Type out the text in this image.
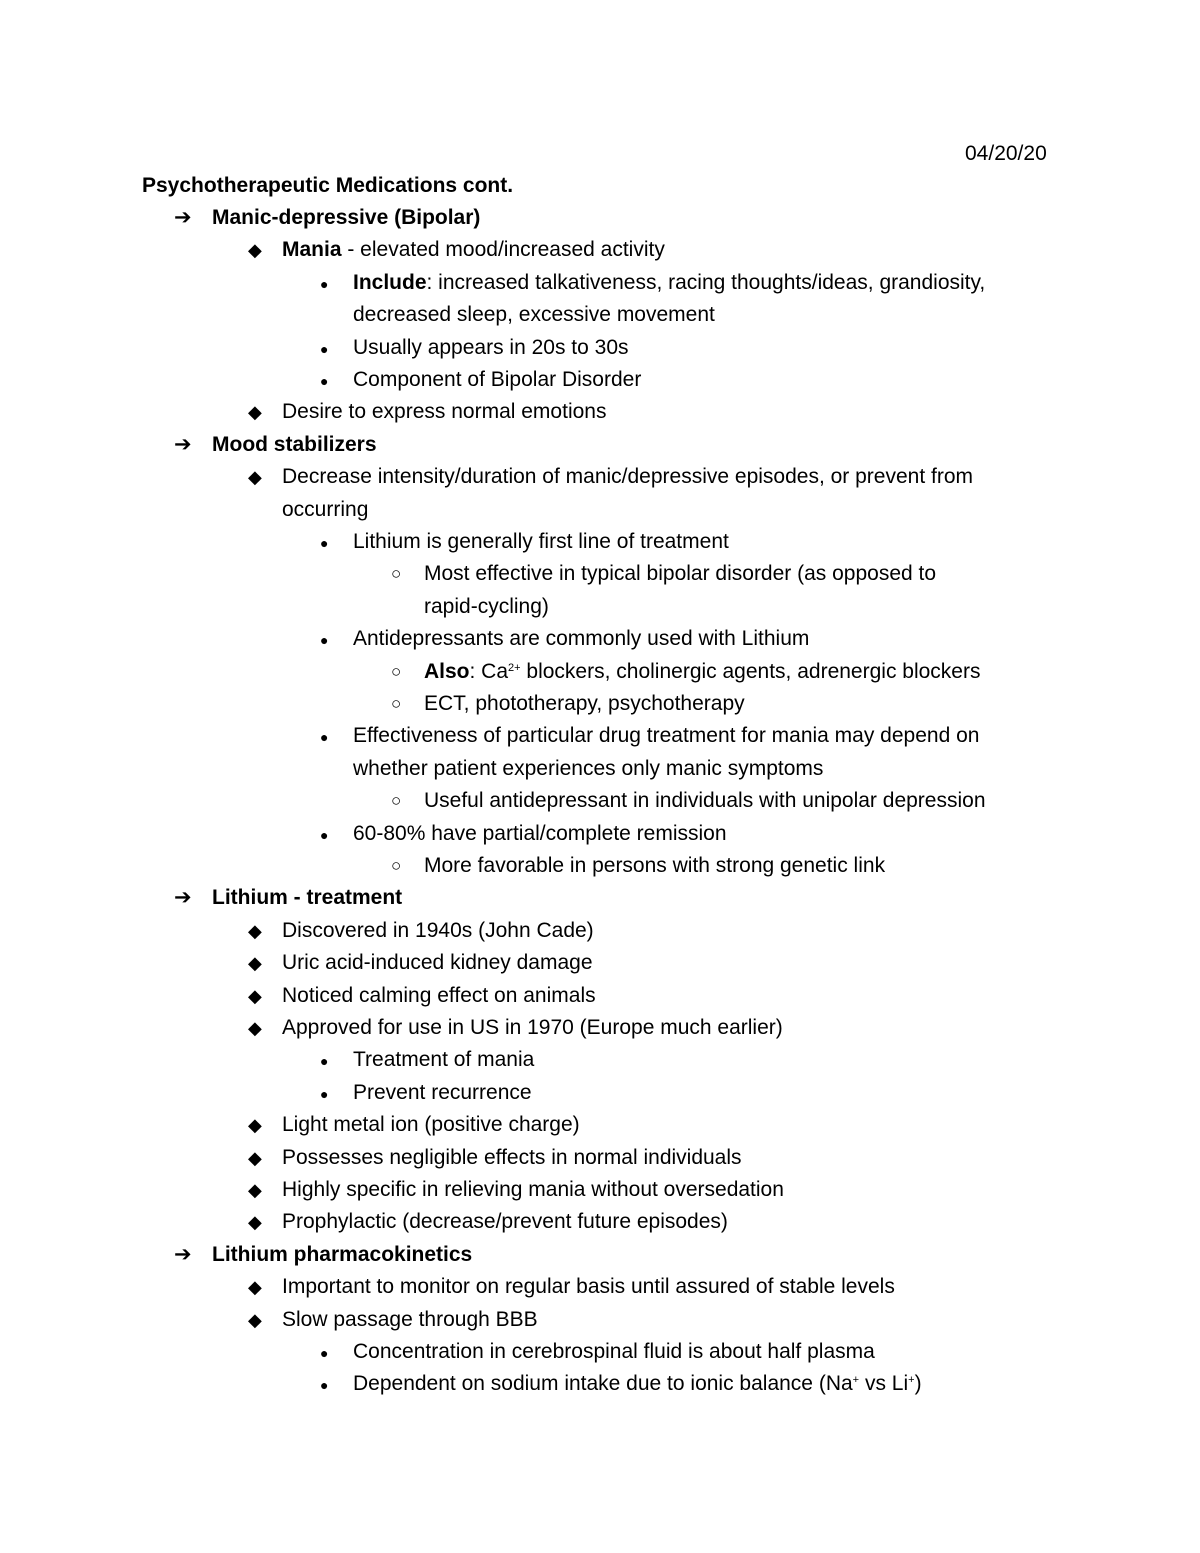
04/20/20
Psychotherapeutic Medications cont.
➔ Manic-depressive (Bipolar)
◆ Mania - elevated mood/increased activity
● Include: increased talkativeness, racing thoughts/ideas, grandiosity,
decreased sleep, excessive movement
● Usually appears in 20s to 30s
● Component of Bipolar Disorder
◆ Desire to express normal emotions
➔ Mood stabilizers
◆ Decrease intensity/duration of manic/depressive episodes, or prevent from
occurring
● Lithium is generally first line of treatment
○ Most effective in typical bipolar disorder (as opposed to
rapid-cycling)
● Antidepressants are commonly used with Lithium
○ Also: $Ca^{2+}$ blockers, cholinergic agents, adrenergic blockers
○ ECT, phototherapy, psychotherapy
● Effectiveness of particular drug treatment for mania may depend on
whether patient experiences only manic symptoms
○ Useful antidepressant in individuals with unipolar depression
● 60-80% have partial/complete remission
○ More favorable in persons with strong genetic link
➔ Lithium - treatment
◆ Discovered in 1940s (John Cade)
◆ Uric acid-induced kidney damage
◆ Noticed calming effect on animals
◆ Approved for use in US in 1970 (Europe much earlier)
● Treatment of mania
● Prevent recurrence
◆ Light metal ion (positive charge)
◆ Possesses negligible effects in normal individuals
◆ Highly specific in relieving mania without oversedation
◆ Prophylactic (decrease/prevent future episodes)
➔ Lithium pharmacokinetics
◆ Important to monitor on regular basis until assured of stable levels
◆ Slow passage through BBB
● Concentration in cerebrospinal fluid is about half plasma
● Dependent on sodium intake due to ionic balance (Na+ vs Li+)
